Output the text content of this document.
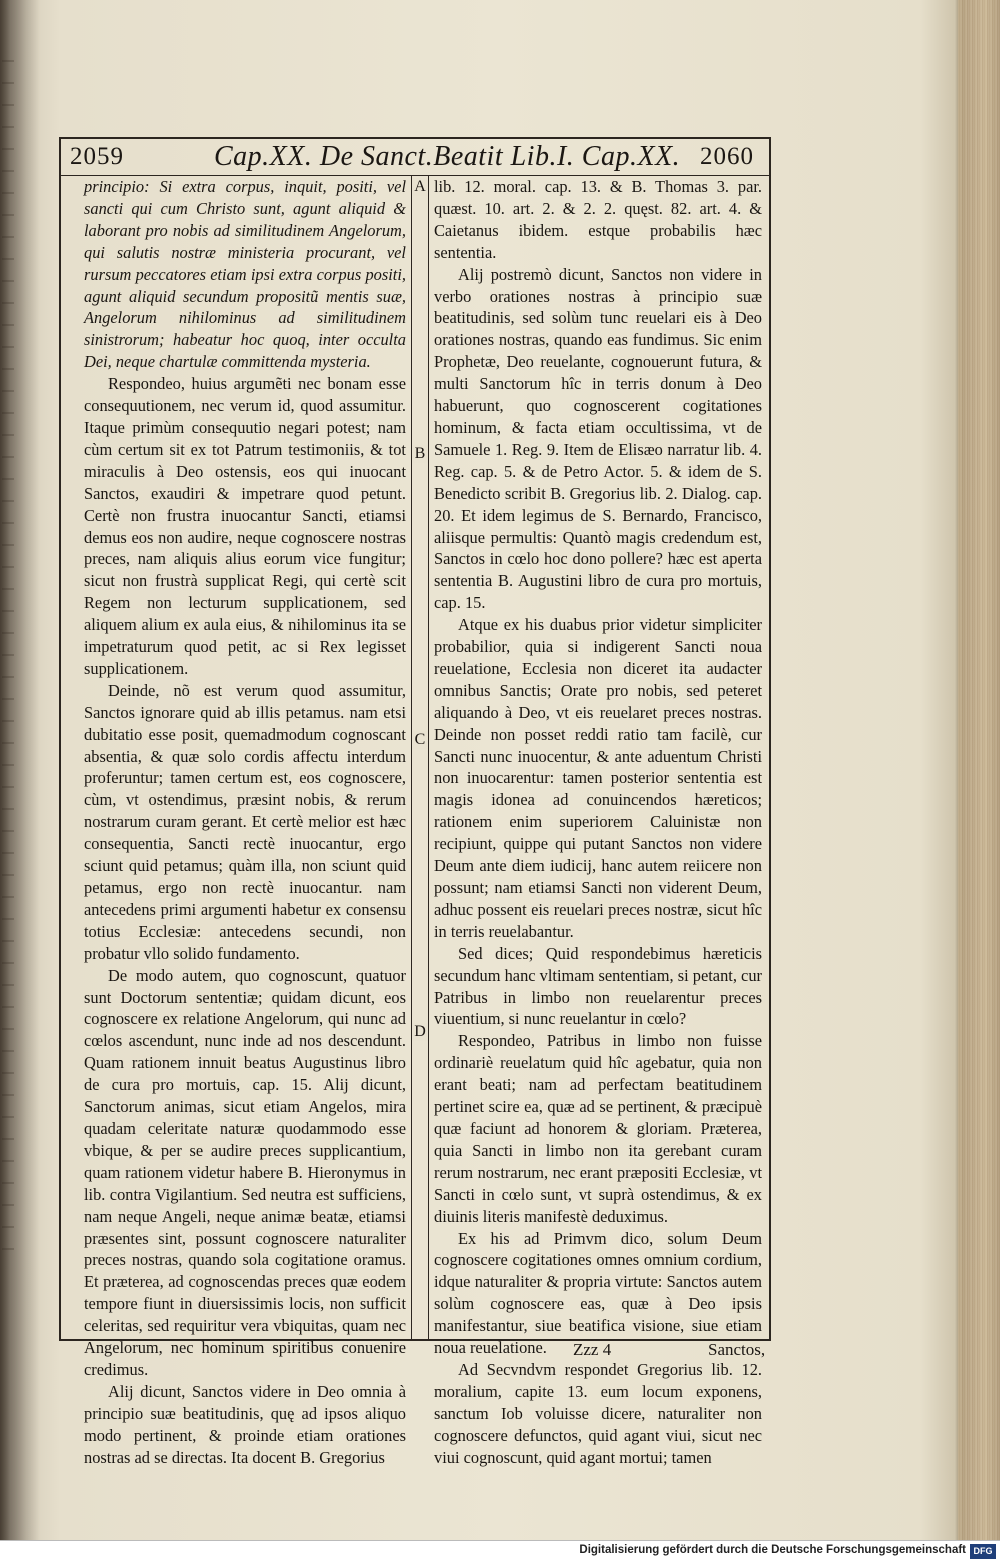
2059	Cap.XX. De Sanct.Beatit Lib.I. Cap.XX. 2060

principio: Si extra corpus, inquit, positi, vel sancti qui cum Christo sunt, agunt aliquid & laborant pro nobis ad similitudinem Angelorum, qui salutis nostræ ministeria procurant, vel rursum peccatores etiam ipsi extra corpus positi, agunt aliquid secundum propositũ mentis suæ, Angelorum nihilominus ad similitudinem sinistrorum; habeatur hoc quoq, inter occulta Dei, neque chartulæ committenda mysteria.

Respondeo, huius argumẽti nec bonam esse consequutionem, nec verum id, quod assumitur. Itaque primùm consequutio negari potest; nam cùm certum sit ex tot Patrum testimoniis, & tot miraculis à Deo ostensis, eos qui inuocant Sanctos, exaudiri & impetrare quod petunt. Certè non frustra inuocantur Sancti, etiamsi demus eos non audire, neque cognoscere nostras preces, nam aliquis alius eorum vice fungitur; sicut non frustrà supplicat Regi, qui certè scit Regem non lecturum supplicationem, sed aliquem alium ex aula eius, & nihilominus ita se impetraturum quod petit, ac si Rex legisset supplicationem.

Deinde, nõ est verum quod assumitur, Sanctos ignorare quid ab illis petamus. nam etsi dubitatio esse posit, quemadmodum cognoscant absentia, & quæ solo cordis affectu interdum proferuntur; tamen certum est, eos cognoscere, cùm, vt ostendimus, præsint nobis, & rerum nostrarum curam gerant. Et certè melior est hæc consequentia, Sancti rectè inuocantur, ergo sciunt quid petamus; quàm illa, non sciunt quid petamus, ergo non rectè inuocantur. nam antecedens primi argumenti habetur ex consensu totius Ecclesiæ: antecedens secundi, non probatur vllo solido fundamento.

De modo autem, quo cognoscunt, quatuor sunt Doctorum sententiæ; quidam dicunt, eos cognoscere ex relatione Angelorum, qui nunc ad cœlos ascendunt, nunc inde ad nos descendunt. Quam rationem innuit beatus Augustinus libro de cura pro mortuis, cap. 15. Alij dicunt, Sanctorum animas, sicut etiam Angelos, mira quadam celeritate naturæ quodammodo esse vbique, & per se audire preces supplicantium, quam rationem videtur habere B. Hieronymus in lib. contra Vigilantium. Sed neutra est sufficiens, nam neque Angeli, neque animæ beatæ, etiamsi præsentes sint, possunt cognoscere naturaliter preces nostras, quando sola cogitatione oramus. Et præterea, ad cognoscendas preces quæ eodem tempore fiunt in diuersissimis locis, non sufficit celeritas, sed requiritur vera vbiquitas, quam nec Angelorum, nec hominum spiritibus conuenire credimus.

Alij dicunt, Sanctos videre in Deo omnia à principio suæ beatitudinis, quę ad ipsos aliquo modo pertinent, & proinde etiam orationes nostras ad se directas. Ita docent B. Gregorius

lib. 12. moral. cap. 13. & B. Thomas 3. par. quæst. 10. art. 2. & 2. 2. quęst. 82. art. 4. & Caietanus ibidem. estque probabilis hæc sententia.

Alij postremò dicunt, Sanctos non videre in verbo orationes nostras à principio suæ beatitudinis, sed solùm tunc reuelari eis à Deo orationes nostras, quando eas fundimus. Sic enim Prophetæ, Deo reuelante, cognouerunt futura, & multi Sanctorum hîc in terris donum à Deo habuerunt, quo cognoscerent cogitationes hominum, & facta etiam occultissima, vt de Samuele 1. Reg. 9. Item de Elisæo narratur lib. 4. Reg. cap. 5. & de Petro Actor. 5. & idem de S. Benedicto scribit B. Gregorius lib. 2. Dialog. cap. 20. Et idem legimus de S. Bernardo, Francisco, aliisque permultis: Quantò magis credendum est, Sanctos in cœlo hoc dono pollere? hæc est aperta sententia B. Augustini libro de cura pro mortuis, cap. 15.

Atque ex his duabus prior videtur simpliciter probabilior, quia si indigerent Sancti noua reuelatione, Ecclesia non diceret ita audacter omnibus Sanctis; Orate pro nobis, sed peteret aliquando à Deo, vt eis reuelaret preces nostras. Deinde non posset reddi ratio tam facilè, cur Sancti nunc inuocentur, & ante aduentum Christi non inuocarentur: tamen posterior sententia est magis idonea ad conuincendos hæreticos; rationem enim superiorem Caluinistæ non recipiunt, quippe qui putant Sanctos non videre Deum ante diem iudicij, hanc autem reiicere non possunt; nam etiamsi Sancti non viderent Deum, adhuc possent eis reuelari preces nostræ, sicut hîc in terris reuelabantur.

Sed dices; Quid respondebimus hæreticis secundum hanc vltimam sententiam, si petant, cur Patribus in limbo non reuelarentur preces viuentium, si nunc reuelantur in cœlo?

Respondeo, Patribus in limbo non fuisse ordinariè reuelatum quid hîc agebatur, quia non erant beati; nam ad perfectam beatitudinem pertinet scire ea, quæ ad se pertinent, & præcipuè quæ faciunt ad honorem & gloriam. Præterea, quia Sancti in limbo non ita gerebant curam rerum nostrarum, nec erant præpositi Ecclesiæ, vt Sancti in cœlo sunt, vt suprà ostendimus, & ex diuinis literis manifestè deduximus.

Ex his ad Primvm dico, solum Deum cognoscere cogitationes omnes omnium cordium, idque naturaliter & propria virtute: Sanctos autem solùm cognoscere eas, quæ à Deo ipsis manifestantur, siue beatifica visione, siue etiam noua reuelatione.

Ad Secvndvm respondet Gregorius lib. 12. moralium, capite 13. eum locum exponens, sanctum Iob voluisse dicere, naturaliter non cognoscere defunctos, quid agant viui, sicut nec viui cognoscunt, quid agant mortui; tamen

A
B
C
D
Zzz 4	Sanctos,
Digitalisierung gefördert durch die Deutsche Forschungsgemeinschaft DFG
